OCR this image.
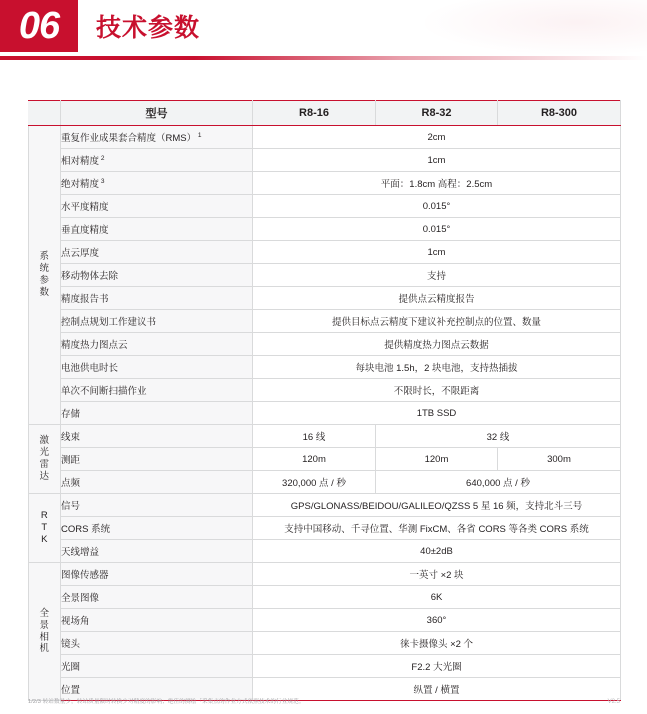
06	技术参数
	型号	R8-16	R8-32	R8-300

系
统
参
数	重复作业成果套合精度（RMS） $^1$	2cm		
	相对精度 $^2$	1cm		
	绝对精度 $^3$	平面：1.8cm 高程：2.5cm		
	水平度精度	0.015°		
	垂直度精度	0.015°		
	点云厚度	1cm		
	移动物体去除	支持		
	精度报告书	提供点云精度报告		
	控制点规划工作建议书	提供目标点云精度下建议补充控制点的位置、数量		
	精度热力图点云	提供精度热力图点云数据		
	电池供电时长	每块电池 1.5h，2 块电池，支持热插拔		
	单次不间断扫描作业	不限时长，不限距离		
	存储	1TB SSD		

激
光
雷
达	线束	16 线	32 线	
	测距	120m	120m	300m
	点频	320,000 点 / 秒	640,000 点 / 秒	

R
T
K	信号	GPS/GLONASS/BEIDOU/GALILEO/QZSS 5 星 16 频，支持北斗三号		
	CORS 系统	支持中国移动、千寻位置、华测 FixCM、各省 CORS 等各类 CORS 系统		
	天线增益	40±2dB		

全
景
相
机	图像传感器	一英寸 ×2 块		
	全景图像	6K		
	视场角	360°		
	镜头	徕卡摄像头 ×2 个		
	光圈	F2.2 大光圈		
	位置	纵置 / 横置		
1/2/3 转站数量少，转站质量限时转换少对精度的影响；绝佳的测绘「采集点的作业方式依照技术的行业规范。	V2.5
